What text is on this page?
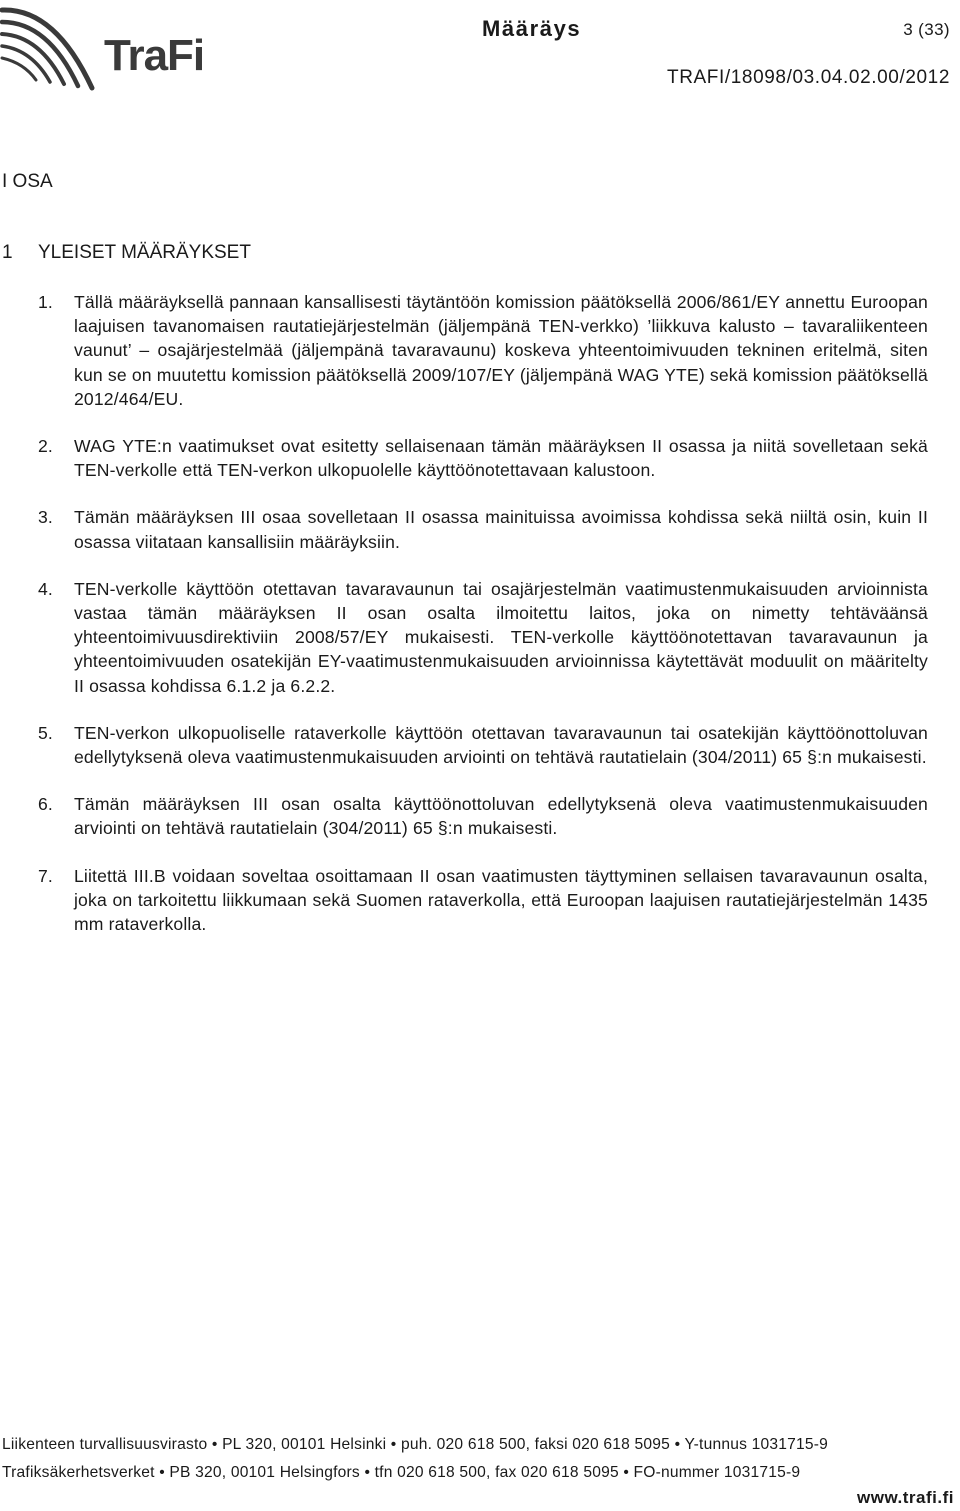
TraFi
Määräys	3 (33)
TRAFI/18098/03.04.02.00/2012
I OSA
1	YLEISET MÄÄRÄYKSET
1.	Tällä määräyksellä pannaan kansallisesti täytäntöön komission päätöksellä 2006/861/EY annettu Euroopan laajuisen tavanomaisen rautatiejärjestelmän (jäljempänä TEN-verkko) ’liikkuva kalusto – tavaraliikenteen vaunut’ – osajärjestelmää (jäljempänä tavaravaunu) koskeva yhteentoimivuuden tekninen eritelmä, siten kun se on muutettu komission päätöksellä 2009/107/EY (jäljempänä WAG YTE) sekä komission päätöksellä 2012/464/EU.
2.	WAG YTE:n vaatimukset ovat esitetty sellaisenaan tämän määräyksen II osassa ja niitä sovelletaan sekä TEN-verkolle että TEN-verkon ulkopuolelle käyttöönotettavaan kalustoon.
3.	Tämän määräyksen III osaa sovelletaan II osassa mainituissa avoimissa kohdissa sekä niiltä osin, kuin II osassa viitataan kansallisiin määräyksiin.
4.	TEN-verkolle käyttöön otettavan tavaravaunun tai osajärjestelmän vaatimustenmukaisuuden arvioinnista vastaa tämän määräyksen II osan osalta ilmoitettu laitos, joka on nimetty tehtäväänsä yhteentoimivuusdirektiviin 2008/57/EY mukaisesti. TEN-verkolle käyttöönotettavan tavaravaunun ja yhteentoimivuuden osatekijän EY-vaatimustenmukaisuuden arvioinnissa käytettävät moduulit on määritelty II osassa kohdissa 6.1.2 ja 6.2.2.
5.	TEN-verkon ulkopuoliselle rataverkolle käyttöön otettavan tavaravaunun tai osatekijän käyttöönottoluvan edellytyksenä oleva vaatimustenmukaisuuden arviointi on tehtävä rautatielain (304/2011) 65 §:n mukaisesti.
6.	Tämän määräyksen III osan osalta käyttöönottoluvan edellytyksenä oleva vaatimustenmukaisuuden arviointi on tehtävä rautatielain (304/2011) 65 §:n mukaisesti.
7.	Liitettä III.B voidaan soveltaa osoittamaan II osan vaatimusten täyttyminen sellaisen tavaravaunun osalta, joka on tarkoitettu liikkumaan sekä Suomen rataverkolla, että Euroopan laajuisen rautatiejärjestelmän 1435 mm rataverkolla.
Liikenteen turvallisuusvirasto • PL 320, 00101 Helsinki • puh. 020 618 500, faksi 020 618 5095 • Y-tunnus 1031715-9
Trafiksäkerhetsverket • PB 320, 00101 Helsingfors • tfn 020 618 500, fax 020 618 5095 • FO-nummer 1031715-9
www.trafi.fi
